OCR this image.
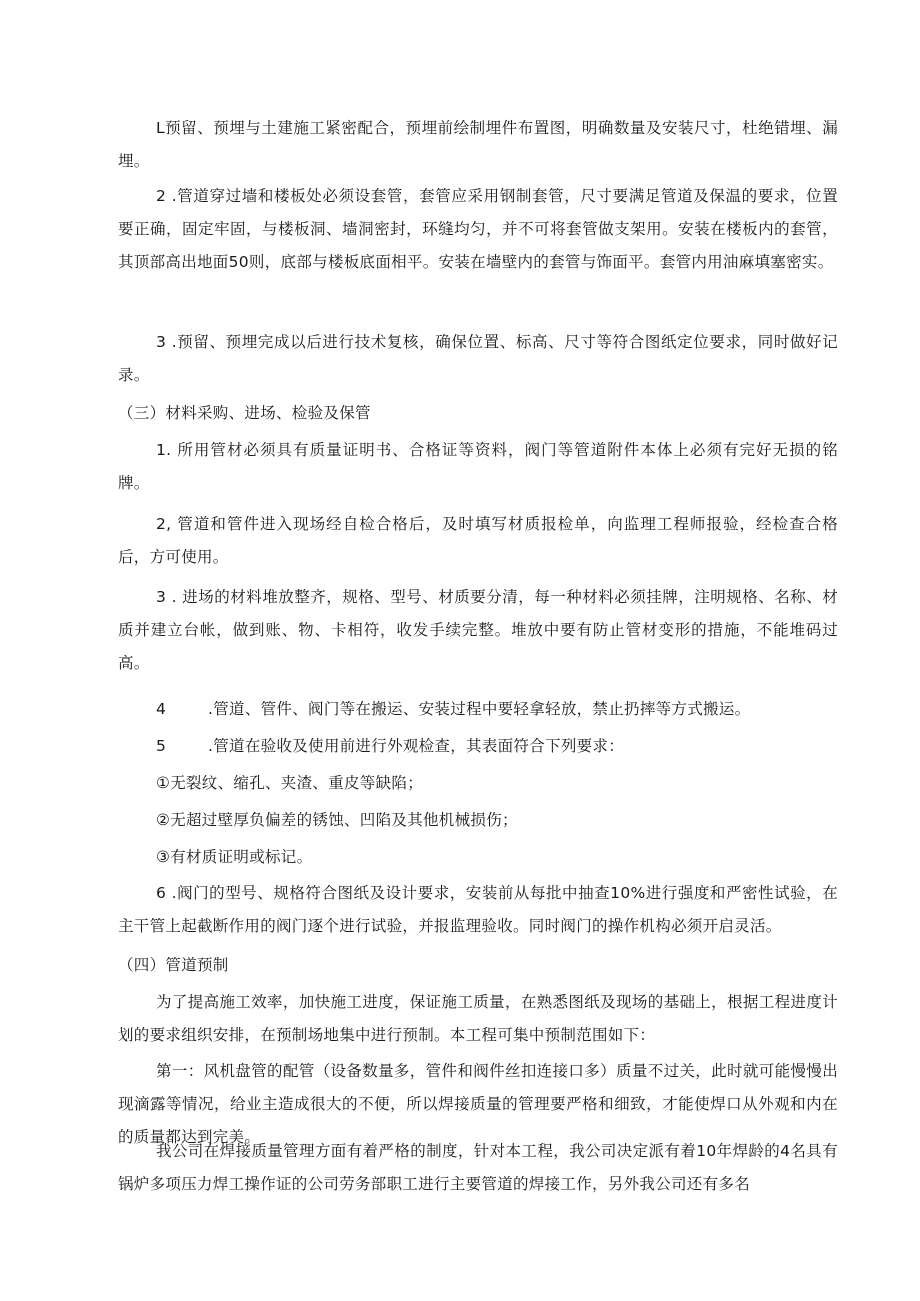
L预留、预埋与土建施工紧密配合，预埋前绘制埋件布置图，明确数量及安装尺寸，杜绝错埋、漏埋。

2 .管道穿过墙和楼板处必须设套管，套管应采用钢制套管，尺寸要满足管道及保温的要求，位置要正确，固定牢固，与楼板洞、墙洞密封，环缝均匀，并不可将套管做支架用。安装在楼板内的套管，其顶部高出地面50则，底部与楼板底面相平。安装在墙壁内的套管与饰面平。套管内用油麻填塞密实。

3 .预留、预埋完成以后进行技术复核，确保位置、标高、尺寸等符合图纸定位要求，同时做好记录。

（三）材料采购、进场、检验及保管

1. 所用管材必须具有质量证明书、合格证等资料，阀门等管道附件本体上必须有完好无损的铭牌。

2, 管道和管件进入现场经自检合格后，及时填写材质报检单，向监理工程师报验，经检查合格后，方可使用。

3 . 进场的材料堆放整齐，规格、型号、材质要分清，每一种材料必须挂牌，注明规格、名称、材质并建立台帐，做到账、物、卡相符，收发手续完整。堆放中要有防止管材变形的措施，不能堆码过高。

4	.管道、管件、阀门等在搬运、安装过程中要轻拿轻放，禁止扔摔等方式搬运。

5	.管道在验收及使用前进行外观检查，其表面符合下列要求：

①无裂纹、缩孔、夹渣、重皮等缺陷；

②无超过壁厚负偏差的锈蚀、凹陷及其他机械损伤；

③有材质证明或标记。

6 .阀门的型号、规格符合图纸及设计要求，安装前从每批中抽查10%进行强度和严密性试验，在主干管上起截断作用的阀门逐个进行试验，并报监理验收。同时阀门的操作机构必须开启灵活。

（四）管道预制

为了提高施工效率，加快施工进度，保证施工质量，在熟悉图纸及现场的基础上，根据工程进度计划的要求组织安排，在预制场地集中进行预制。本工程可集中预制范围如下：

第一：风机盘管的配管（设备数量多，管件和阀件丝扣连接口多）质量不过关，此时就可能慢慢出现滴露等情况，给业主造成很大的不便，所以焊接质量的管理要严格和细致，才能使焊口从外观和内在的质量都达到完美。

我公司在焊接质量管理方面有着严格的制度，针对本工程，我公司决定派有着10年焊龄的4名具有锅炉多项压力焊工操作证的公司劳务部职工进行主要管道的焊接工作，另外我公司还有多名
